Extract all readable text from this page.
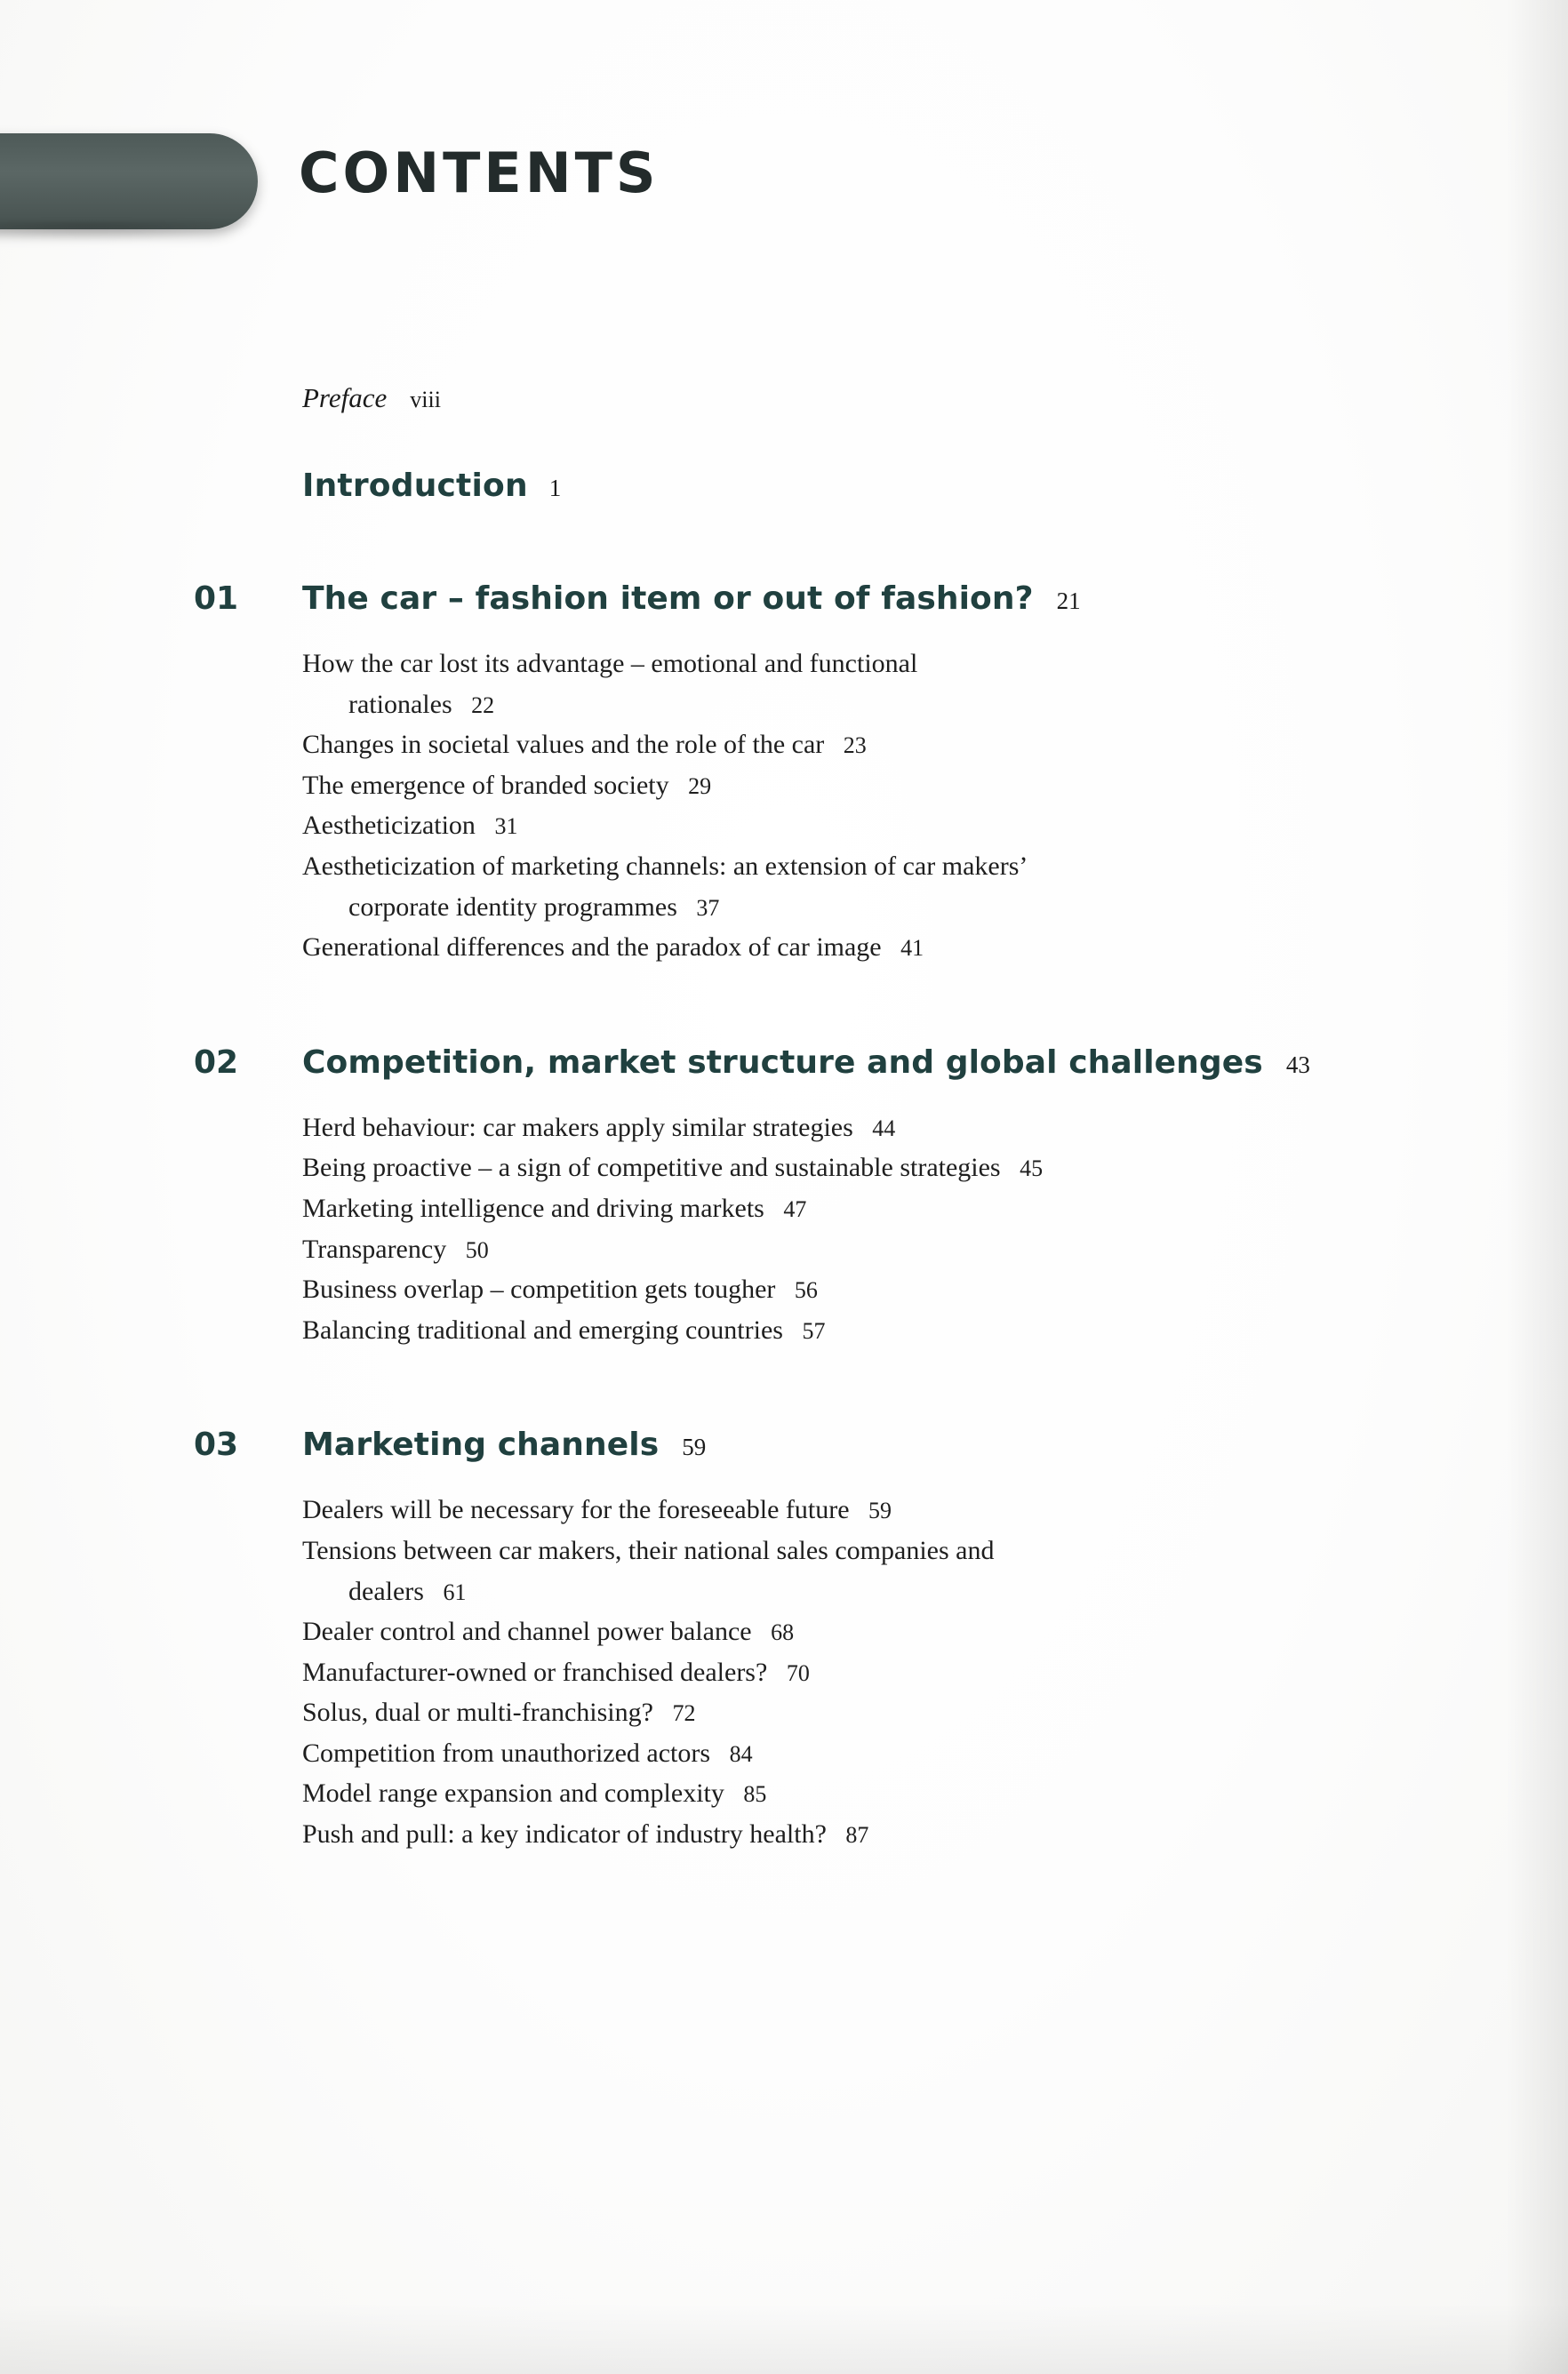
CONTENTS
Preface viii
Introduction 1
01	The car – fashion item or out of fashion? 21
How the car lost its advantage – emotional and functional
rationales 22
Changes in societal values and the role of the car 23
The emergence of branded society 29
Aestheticization 31
Aestheticization of marketing channels: an extension of car makers’
corporate identity programmes 37
Generational differences and the paradox of car image 41
02	Competition, market structure and global challenges 43
Herd behaviour: car makers apply similar strategies 44
Being proactive – a sign of competitive and sustainable strategies 45
Marketing intelligence and driving markets 47
Transparency 50
Business overlap – competition gets tougher 56
Balancing traditional and emerging countries 57
03	Marketing channels 59
Dealers will be necessary for the foreseeable future 59
Tensions between car makers, their national sales companies and
dealers 61
Dealer control and channel power balance 68
Manufacturer-owned or franchised dealers? 70
Solus, dual or multi-franchising? 72
Competition from unauthorized actors 84
Model range expansion and complexity 85
Push and pull: a key indicator of industry health? 87
